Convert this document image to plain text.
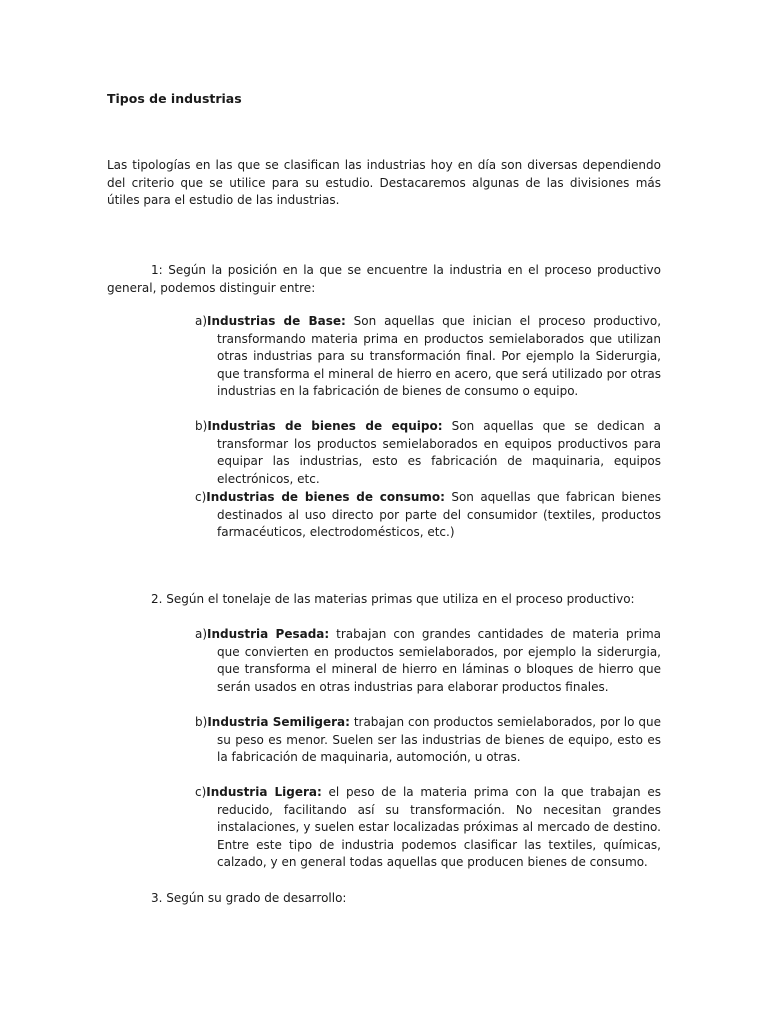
Tipos de industrias
Las tipologías en las que se clasifican las industrias hoy en día son diversas dependiendo del criterio que se utilice para su estudio. Destacaremos algunas de las divisiones más útiles para el estudio de las industrias.
1: Según la posición en la que se encuentre la industria en el proceso productivo general, podemos distinguir entre:
a)Industrias de Base: Son aquellas que inician el proceso productivo, transformando materia prima en productos semielaborados que utilizan otras industrias para su transformación final. Por ejemplo la Siderurgia, que transforma el mineral de hierro en acero, que será utilizado por otras industrias en la fabricación de bienes de consumo o equipo.
b)Industrias de bienes de equipo: Son aquellas que se dedican a transformar los productos semielaborados en equipos productivos para equipar las industrias, esto es fabricación de maquinaria, equipos electrónicos, etc.
c)Industrias de bienes de consumo: Son aquellas que fabrican bienes destinados al uso directo por parte del consumidor (textiles, productos farmacéuticos, electrodomésticos, etc.)
2. Según el tonelaje de las materias primas que utiliza en el proceso productivo:
a)Industria Pesada: trabajan con grandes cantidades de materia prima que convierten en productos semielaborados, por ejemplo la siderurgia, que transforma el mineral de hierro en láminas o bloques de hierro que serán usados en otras industrias para elaborar productos finales.
b)Industria Semiligera: trabajan con productos semielaborados, por lo que su peso es menor. Suelen ser las industrias de bienes de equipo, esto es la fabricación de maquinaria, automoción, u otras.
c)Industria Ligera: el peso de la materia prima con la que trabajan es reducido, facilitando así su transformación. No necesitan grandes instalaciones, y suelen estar localizadas próximas al mercado de destino. Entre este tipo de industria podemos clasificar las textiles, químicas, calzado, y en general todas aquellas que producen bienes de consumo.
3. Según su grado de desarrollo:
